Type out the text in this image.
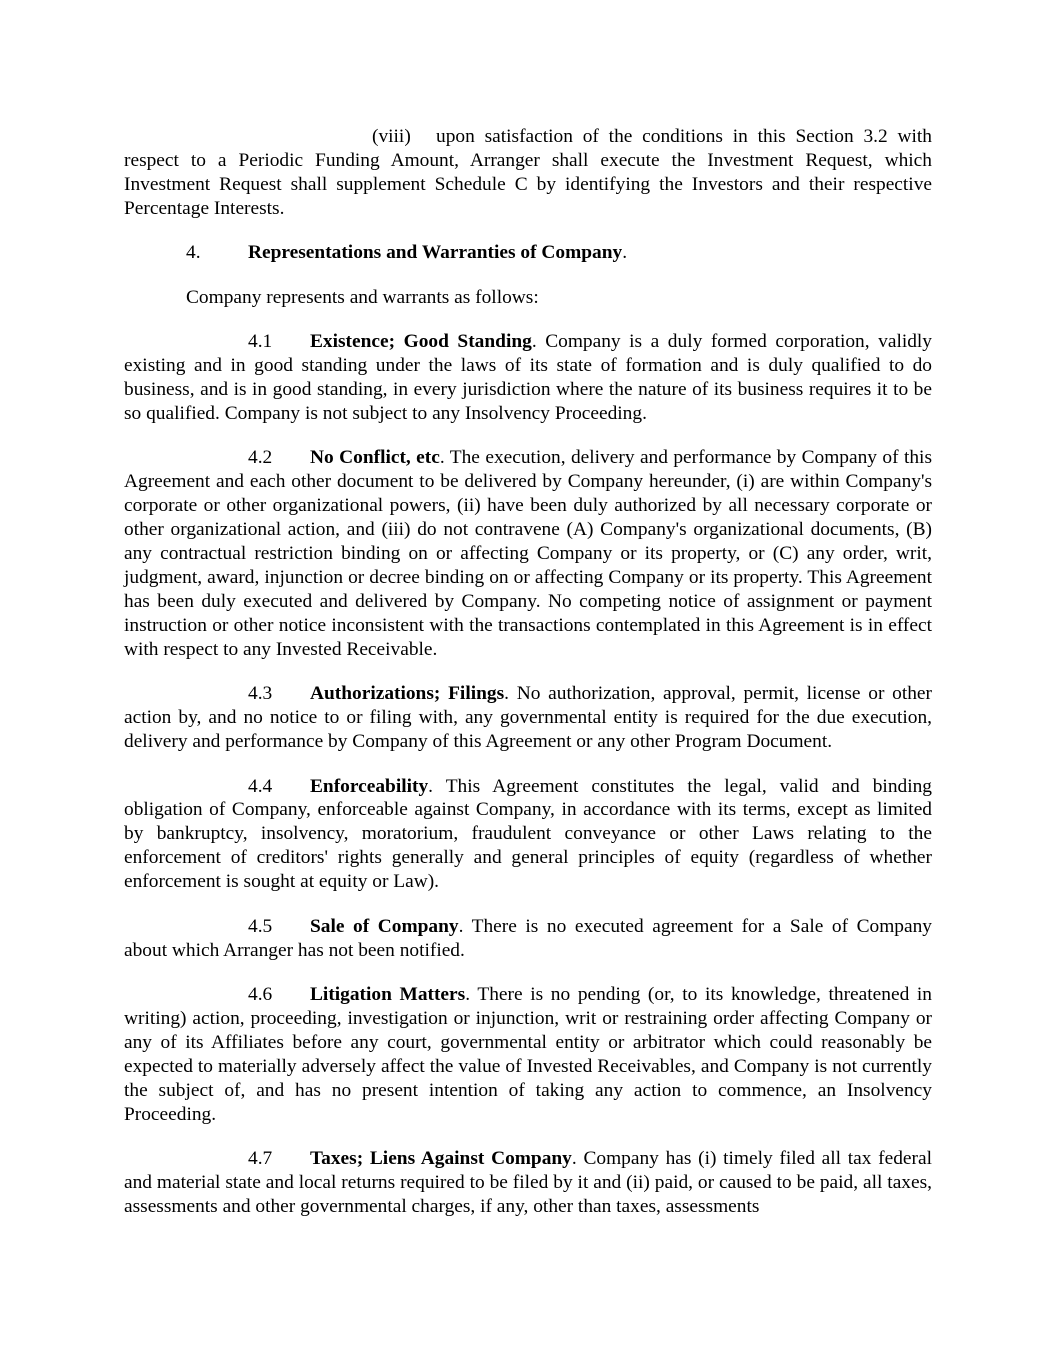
(viii) upon satisfaction of the conditions in this Section 3.2 with respect to a Periodic Funding Amount, Arranger shall execute the Investment Request, which Investment Request shall supplement Schedule C by identifying the Investors and their respective Percentage Interests.

4. Representations and Warranties of Company.

Company represents and warrants as follows:

4.1 Existence; Good Standing. Company is a duly formed corporation, validly existing and in good standing under the laws of its state of formation and is duly qualified to do business, and is in good standing, in every jurisdiction where the nature of its business requires it to be so qualified. Company is not subject to any Insolvency Proceeding.

4.2 No Conflict, etc. The execution, delivery and performance by Company of this Agreement and each other document to be delivered by Company hereunder, (i) are within Company's corporate or other organizational powers, (ii) have been duly authorized by all necessary corporate or other organizational action, and (iii) do not contravene (A) Company's organizational documents, (B) any contractual restriction binding on or affecting Company or its property, or (C) any order, writ, judgment, award, injunction or decree binding on or affecting Company or its property. This Agreement has been duly executed and delivered by Company. No competing notice of assignment or payment instruction or other notice inconsistent with the transactions contemplated in this Agreement is in effect with respect to any Invested Receivable.

4.3 Authorizations; Filings. No authorization, approval, permit, license or other action by, and no notice to or filing with, any governmental entity is required for the due execution, delivery and performance by Company of this Agreement or any other Program Document.

4.4 Enforceability. This Agreement constitutes the legal, valid and binding obligation of Company, enforceable against Company, in accordance with its terms, except as limited by bankruptcy, insolvency, moratorium, fraudulent conveyance or other Laws relating to the enforcement of creditors' rights generally and general principles of equity (regardless of whether enforcement is sought at equity or Law).

4.5 Sale of Company. There is no executed agreement for a Sale of Company about which Arranger has not been notified.

4.6 Litigation Matters. There is no pending (or, to its knowledge, threatened in writing) action, proceeding, investigation or injunction, writ or restraining order affecting Company or any of its Affiliates before any court, governmental entity or arbitrator which could reasonably be expected to materially adversely affect the value of Invested Receivables, and Company is not currently the subject of, and has no present intention of taking any action to commence, an Insolvency Proceeding.

4.7 Taxes; Liens Against Company. Company has (i) timely filed all tax federal and material state and local returns required to be filed by it and (ii) paid, or caused to be paid, all taxes, assessments and other governmental charges, if any, other than taxes, assessments
